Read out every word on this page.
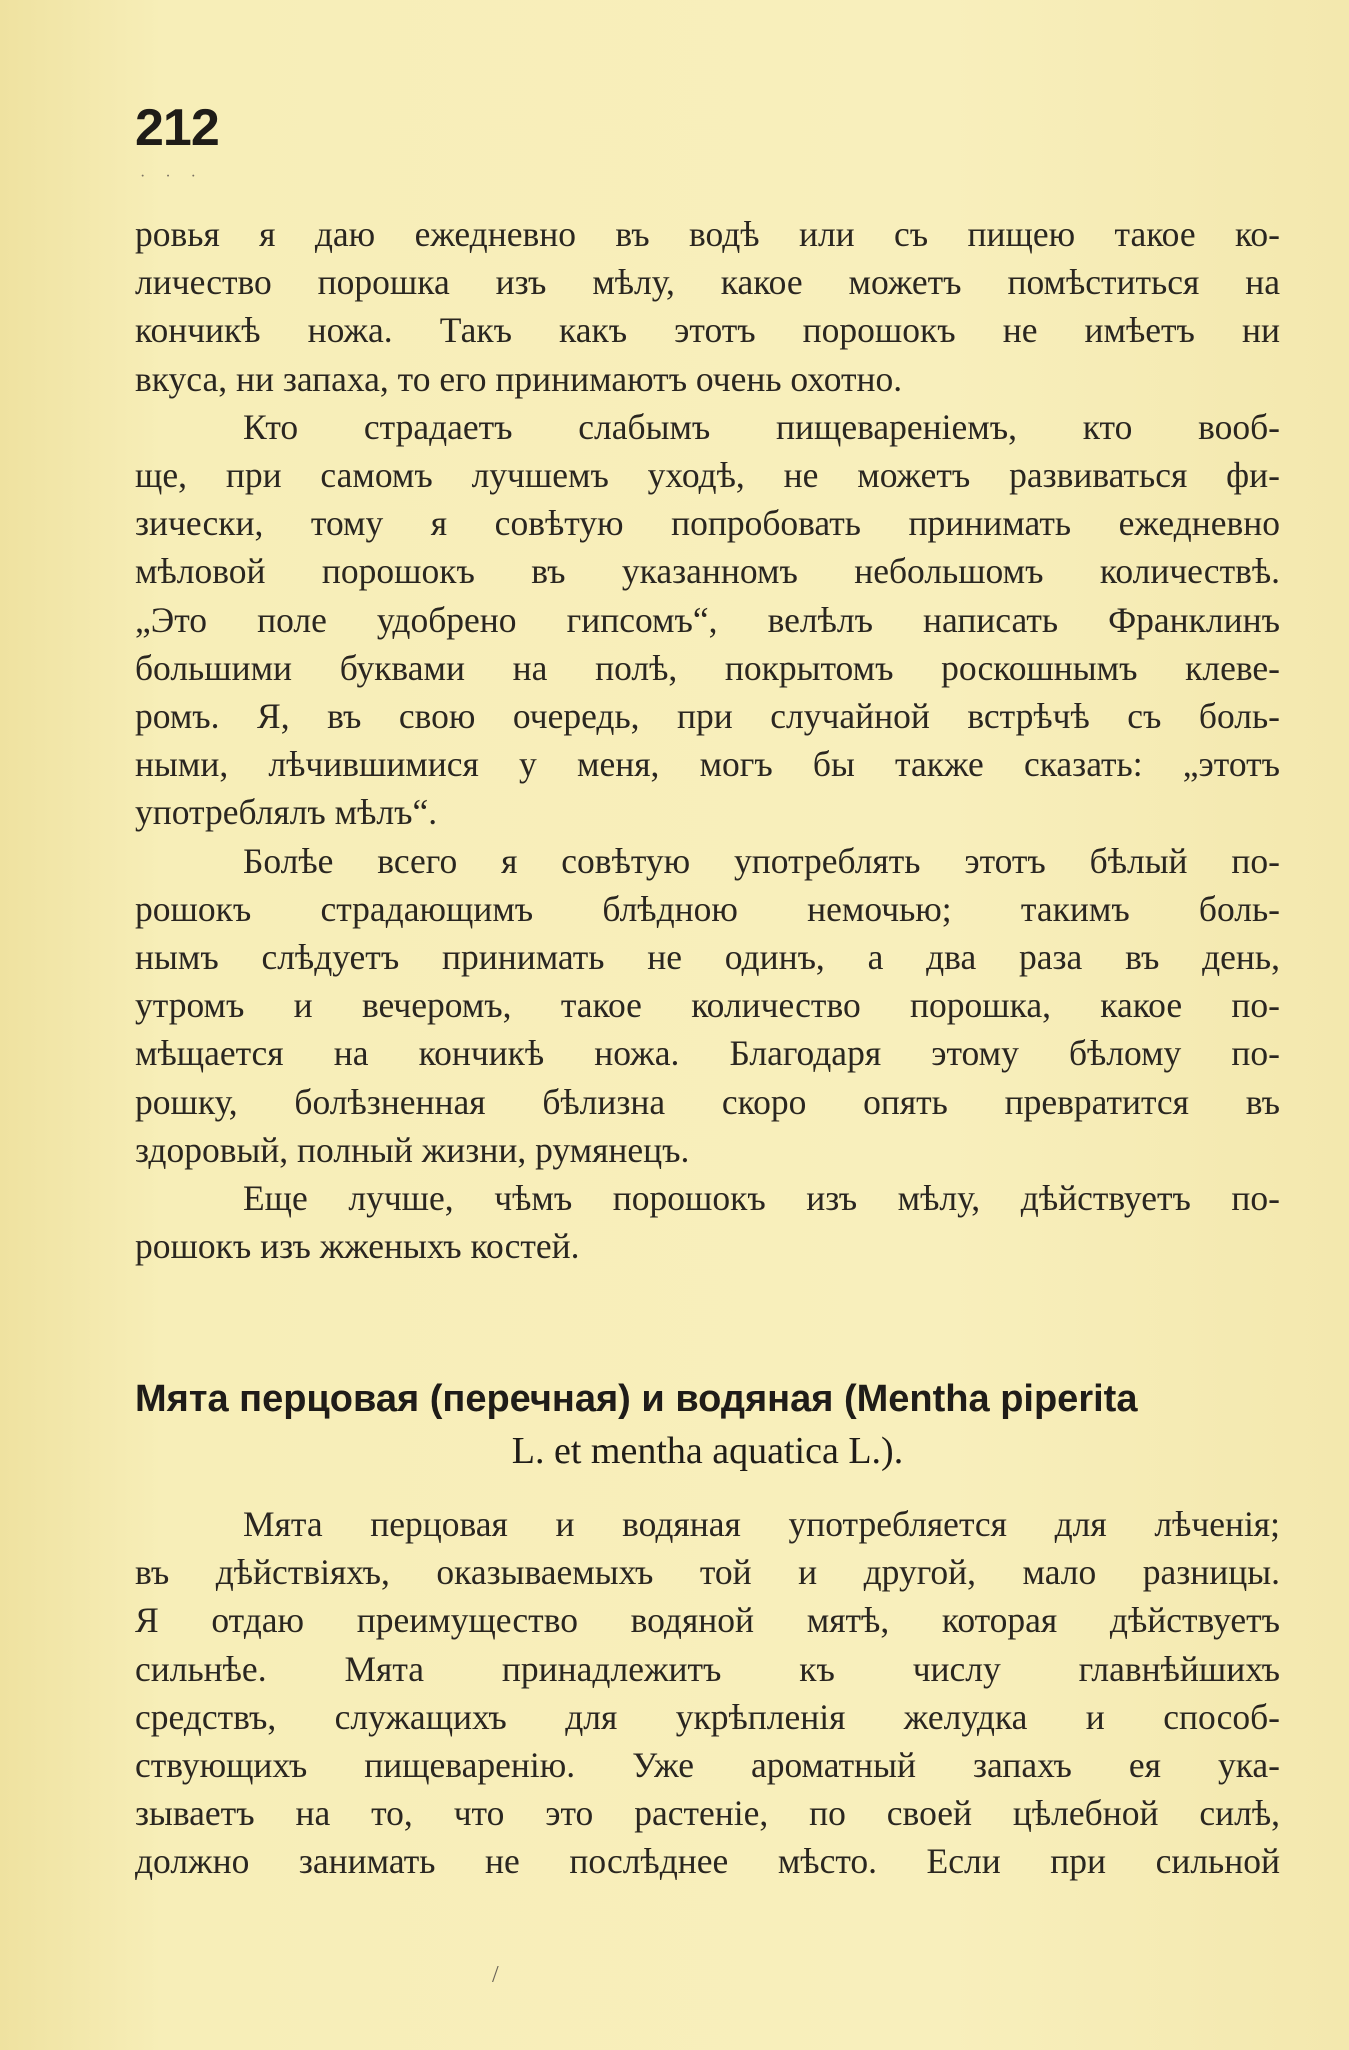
212
· · ·
ровья я даю ежедневно въ водѣ или съ пищею такое ко-
личество порошка изъ мѣлу, какое можетъ помѣститься на
кончикѣ ножа. Такъ какъ этотъ порошокъ не имѣетъ ни
вкуса, ни запаха, то его принимаютъ очень охотно.
Кто страдаетъ слабымъ пищевареніемъ, кто вооб-
ще, при самомъ лучшемъ уходѣ, не можетъ развиваться фи-
зически, тому я совѣтую попробовать принимать ежедневно
мѣловой порошокъ въ указанномъ небольшомъ количествѣ.
„Это поле удобрено гипсомъ“, велѣлъ написать Франклинъ
большими буквами на полѣ, покрытомъ роскошнымъ клеве-
ромъ. Я, въ свою очередь, при случайной встрѣчѣ съ боль-
ными, лѣчившимися у меня, могъ бы также сказать: „этотъ
употреблялъ мѣлъ“.
Болѣе всего я совѣтую употреблять этотъ бѣлый по-
рошокъ страдающимъ блѣдною немочью; такимъ боль-
нымъ слѣдуетъ принимать не одинъ, а два раза въ день,
утромъ и вечеромъ, такое количество порошка, какое по-
мѣщается на кончикѣ ножа. Благодаря этому бѣлому по-
рошку, болѣзненная бѣлизна скоро опять превратится въ
здоровый, полный жизни, румянецъ.
Еще лучше, чѣмъ порошокъ изъ мѣлу, дѣйствуетъ по-
рошокъ изъ жженыхъ костей.
Мята перцовая (перечная) и водяная (Mentha piperita
L. et mentha aquatica L.).
Мята перцовая и водяная употребляется для лѣченія;
въ дѣйствіяхъ, оказываемыхъ той и другой, мало разницы.
Я отдаю преимущество водяной мятѣ, которая дѣйствуетъ
сильнѣе. Мята принадлежитъ къ числу главнѣйшихъ
средствъ, служащихъ для укрѣпленія желудка и способ-
ствующихъ пищеваренію. Уже ароматный запахъ ея ука-
зываетъ на то, что это растеніе, по своей цѣлебной силѣ,
должно занимать не послѣднее мѣсто. Если при сильной
/
